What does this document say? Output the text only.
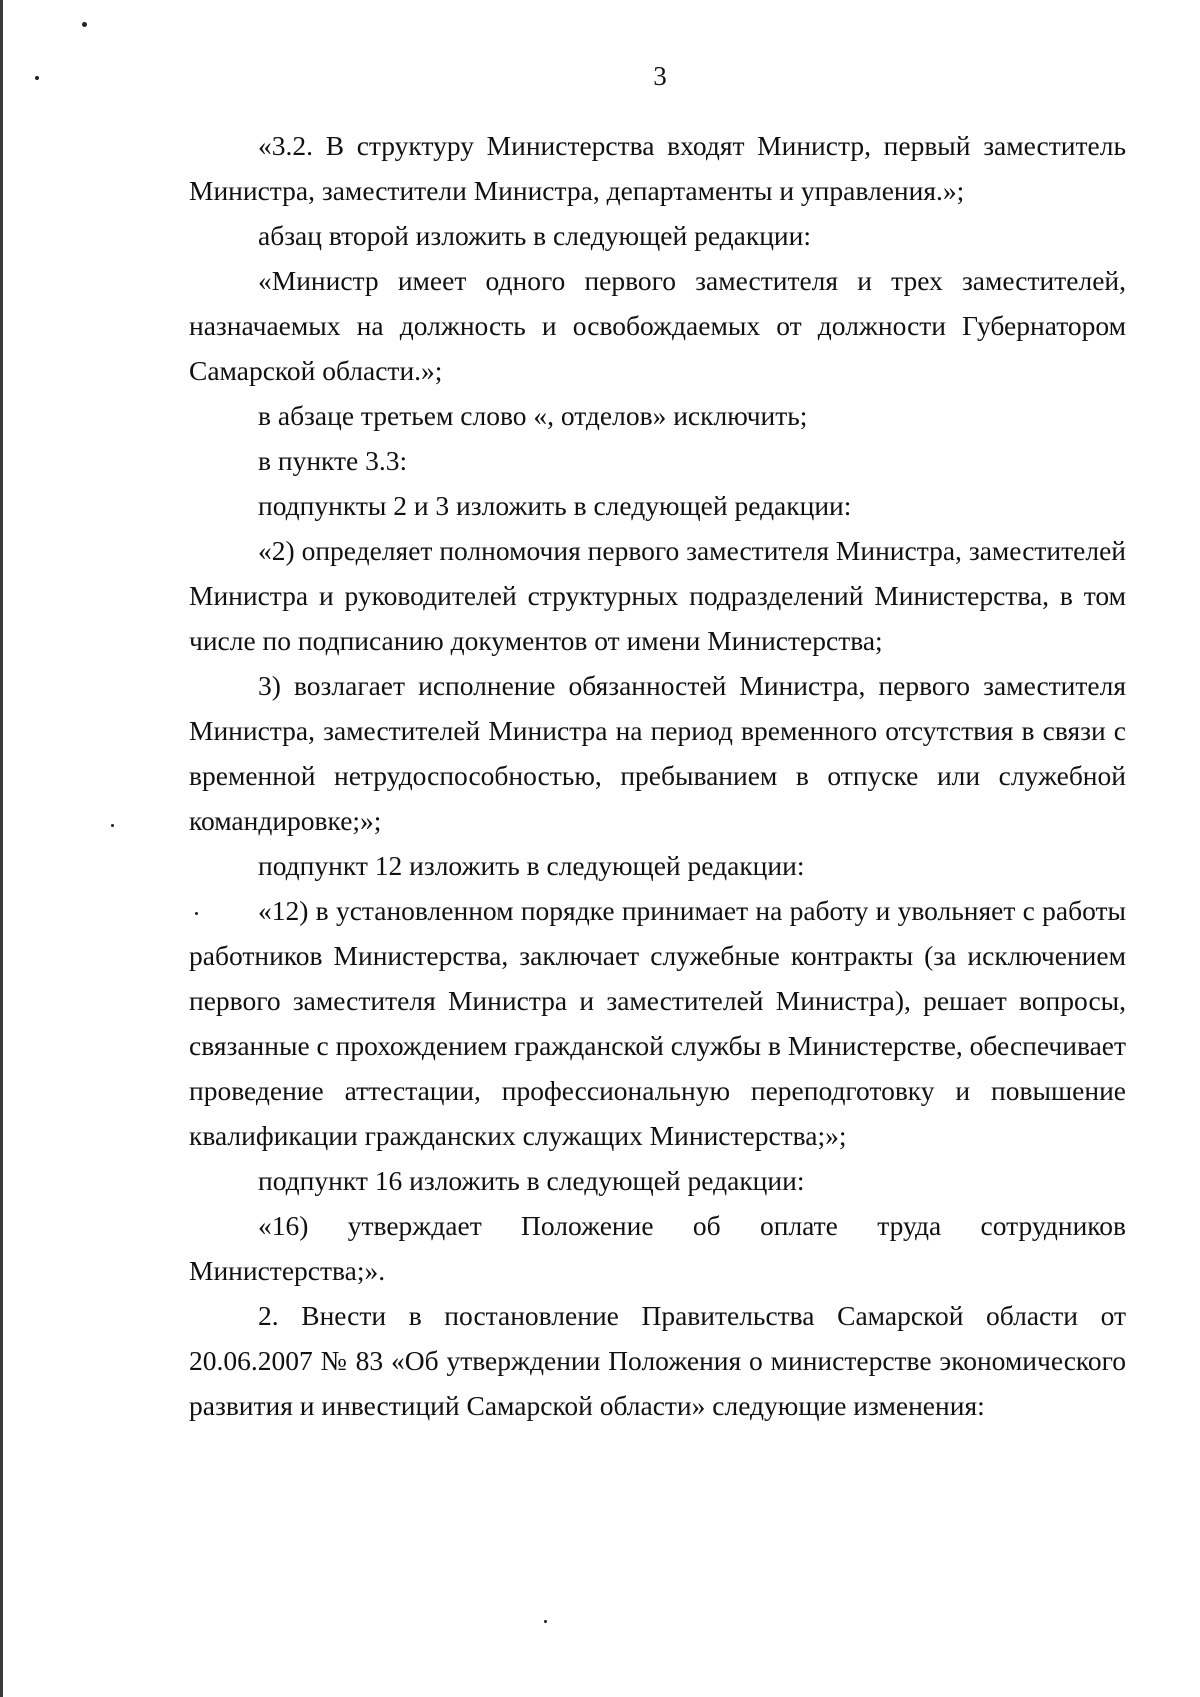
3

«3.2. В структуру Министерства входят Министр, первый заместитель Министра, заместители Министра, департаменты и управления.»;

абзац второй изложить в следующей редакции:

«Министр имеет одного первого заместителя и трех заместителей, назначаемых на должность и освобождаемых от должности Губернатором Самарской области.»;

в абзаце третьем слово «, отделов» исключить;

в пункте 3.3:

подпункты 2 и 3 изложить в следующей редакции:

«2) определяет полномочия первого заместителя Министра, заместителей Министра и руководителей структурных подразделений Министерства, в том числе по подписанию документов от имени Министерства;

3) возлагает исполнение обязанностей Министра, первого заместителя Министра, заместителей Министра на период временного отсутствия в связи с временной нетрудоспособностью, пребыванием в отпуске или служебной командировке;»;

подпункт 12 изложить в следующей редакции:

«12) в установленном порядке принимает на работу и увольняет с работы работников Министерства, заключает служебные контракты (за исключением первого заместителя Министра и заместителей Министра), решает вопросы, связанные с прохождением гражданской службы в Министерстве, обеспечивает проведение аттестации, профессиональную переподготовку и повышение квалификации гражданских служащих Министерства;»;

подпункт 16 изложить в следующей редакции:

«16) утверждает Положение об оплате труда сотрудников Министерства;».

2. Внести в постановление Правительства Самарской области от 20.06.2007 № 83 «Об утверждении Положения о министерстве экономического развития и инвестиций Самарской области» следующие изменения:
